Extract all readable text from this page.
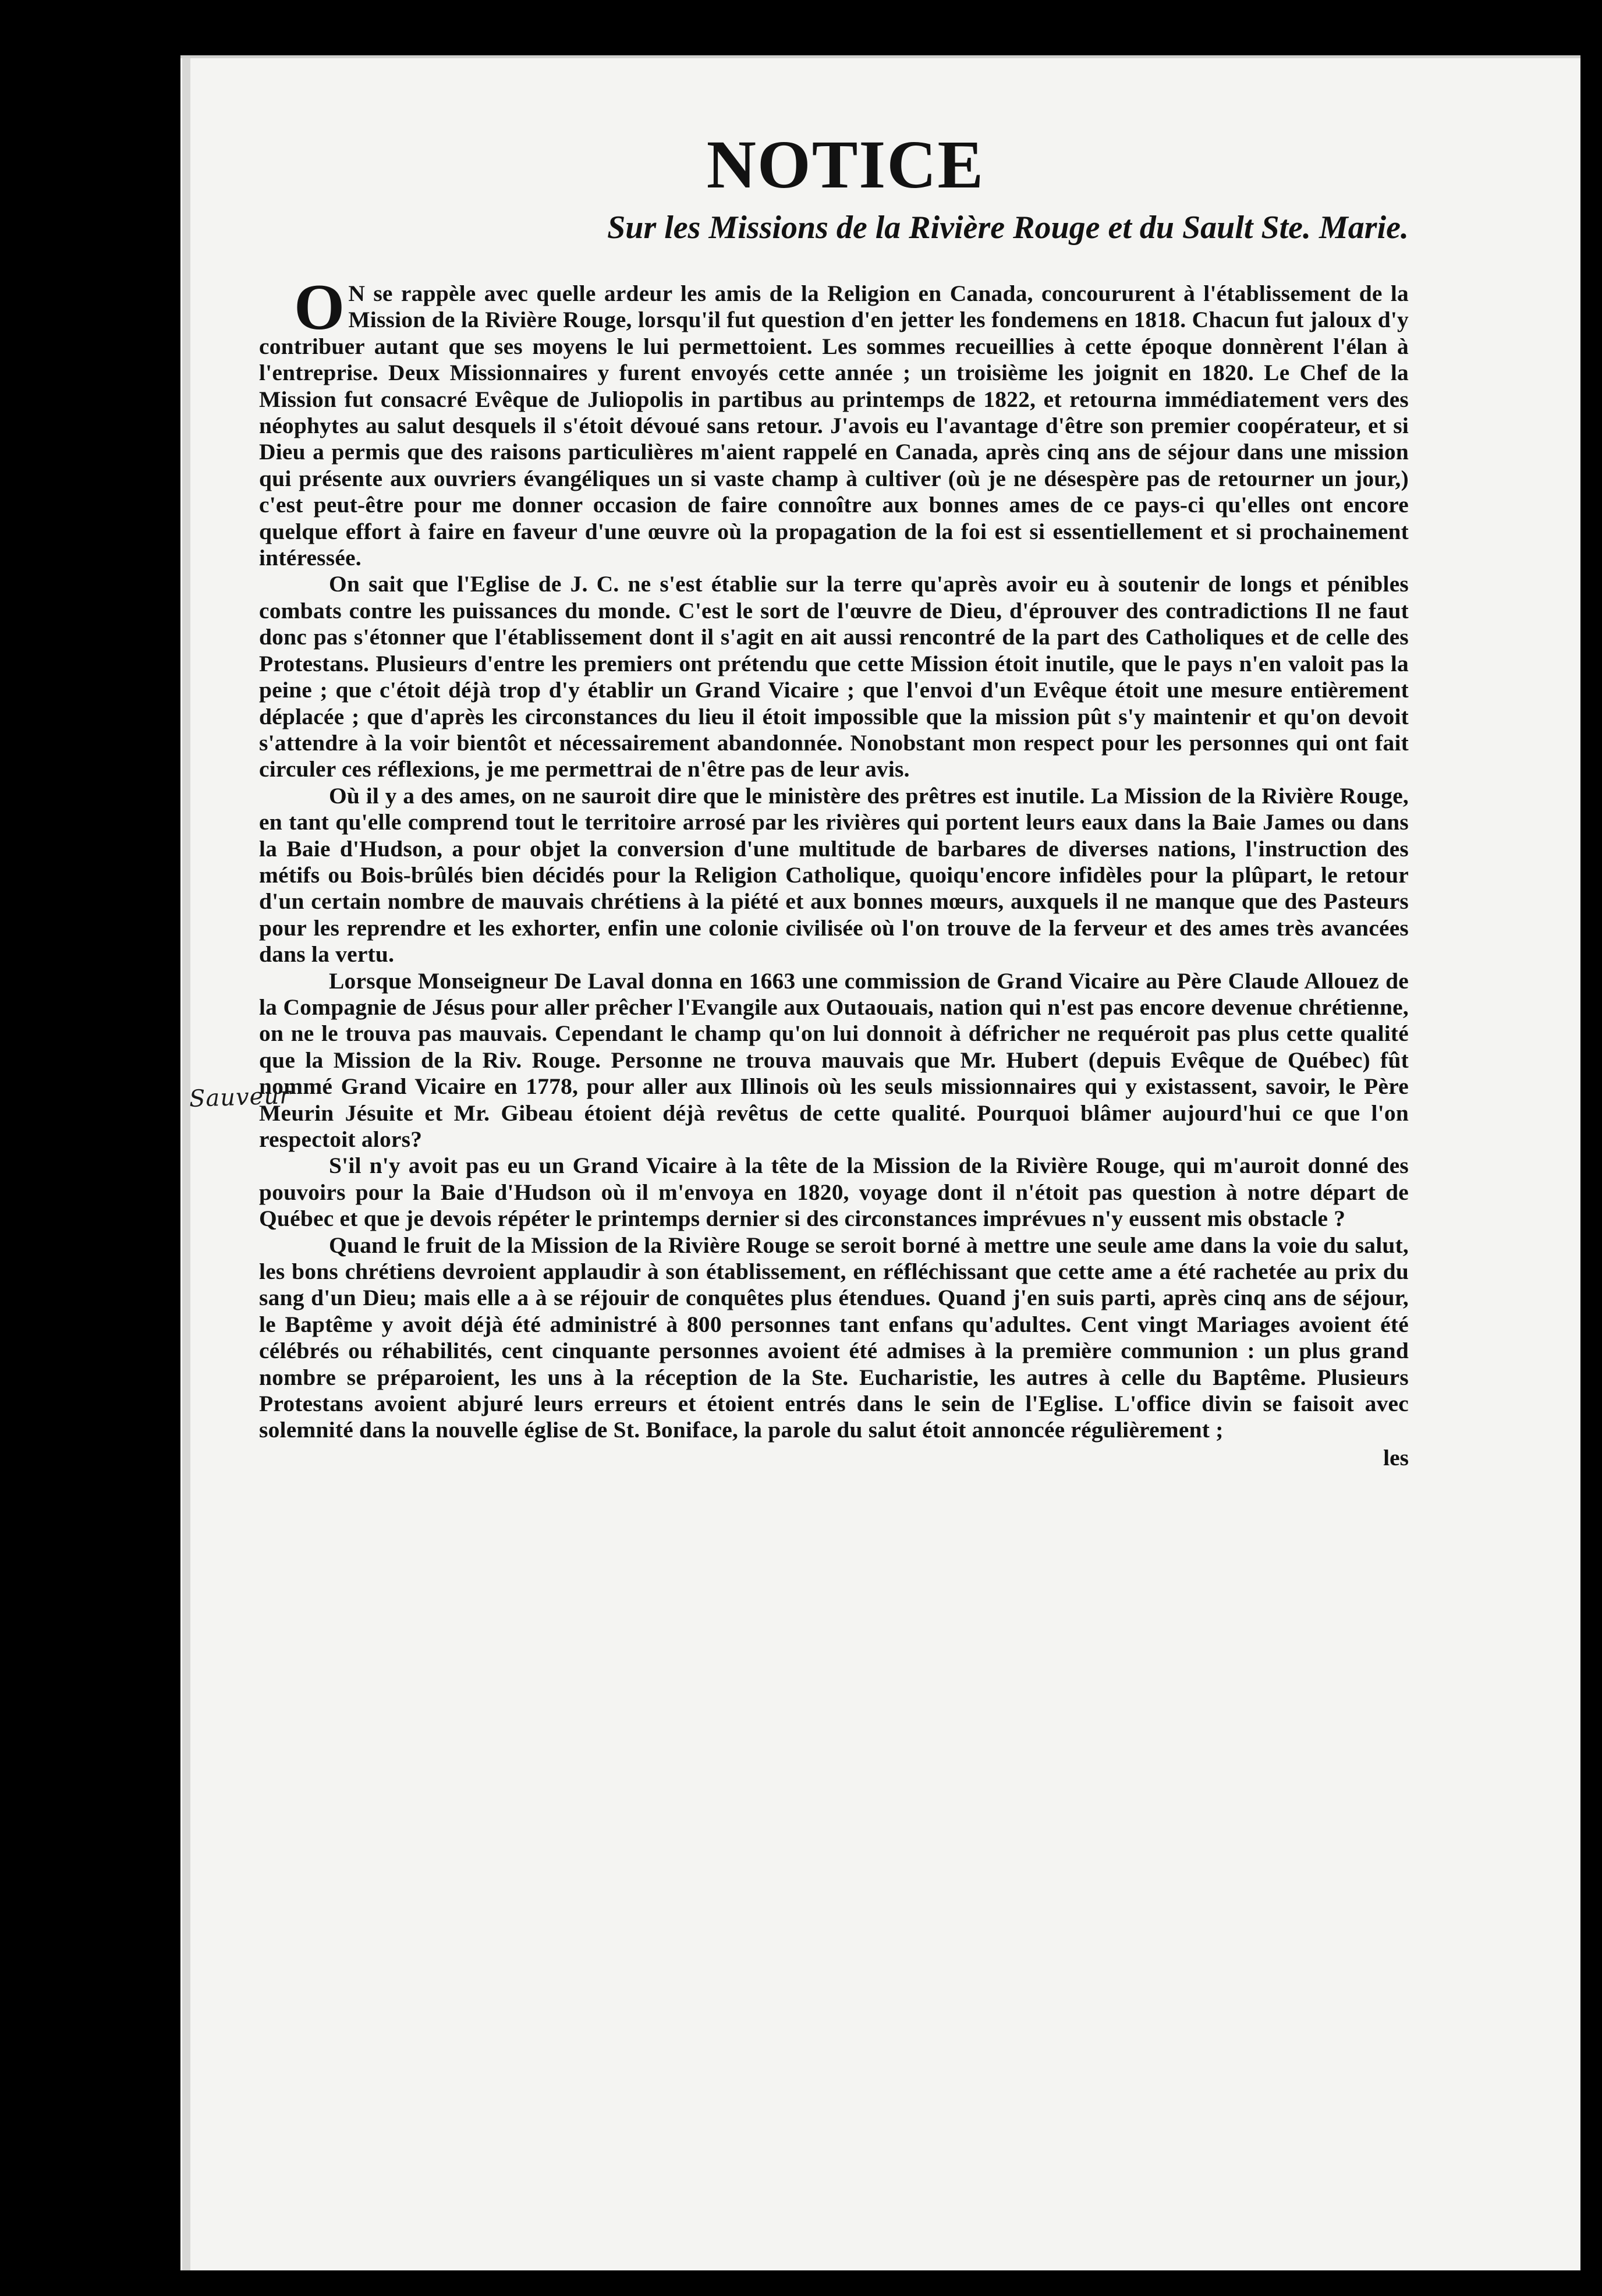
Sauveur
NOTICE
Sur les Missions de la Rivière Rouge et du Sault Ste. Marie.

O N se rappèle avec quelle ardeur les amis de la Religion en Canada, concoururent à l'établissement de la Mission de la Rivière Rouge, lorsqu'il fut question d'en jetter les fondemens en 1818. Chacun fut jaloux d'y contribuer autant que ses moyens le lui permettoient. Les sommes recueillies à cette époque donnèrent l'élan à l'entreprise. Deux Missionnaires y furent envoyés cette année ; un troisième les joignit en 1820. Le Chef de la Mission fut consacré Evêque de Juliopolis in partibus au printemps de 1822, et retourna immédiatement vers des néophytes au salut desquels il s'étoit dévoué sans retour. J'avois eu l'avantage d'être son premier coopérateur, et si Dieu a permis que des raisons particulières m'aient rappelé en Canada, après cinq ans de séjour dans une mission qui présente aux ouvriers évangéliques un si vaste champ à cultiver (où je ne désespère pas de retourner un jour,) c'est peut-être pour me donner occasion de faire connoître aux bonnes ames de ce pays-ci qu'elles ont encore quelque effort à faire en faveur d'une œuvre où la propagation de la foi est si essentiellement et si prochainement intéressée.

On sait que l'Eglise de J. C. ne s'est établie sur la terre qu'après avoir eu à soutenir de longs et pénibles combats contre les puissances du monde. C'est le sort de l'œuvre de Dieu, d'éprouver des contradictions Il ne faut donc pas s'étonner que l'établissement dont il s'agit en ait aussi rencontré de la part des Catholiques et de celle des Protestans. Plusieurs d'entre les premiers ont prétendu que cette Mission étoit inutile, que le pays n'en valoit pas la peine ; que c'étoit déjà trop d'y établir un Grand Vicaire ; que l'envoi d'un Evêque étoit une mesure entièrement déplacée ; que d'après les circonstances du lieu il étoit impossible que la mission pût s'y maintenir et qu'on devoit s'attendre à la voir bientôt et nécessairement abandonnée. Nonobstant mon respect pour les personnes qui ont fait circuler ces réflexions, je me permettrai de n'être pas de leur avis.

Où il y a des ames, on ne sauroit dire que le ministère des prêtres est inutile. La Mission de la Rivière Rouge, en tant qu'elle comprend tout le territoire arrosé par les rivières qui portent leurs eaux dans la Baie James ou dans la Baie d'Hudson, a pour objet la conversion d'une multitude de barbares de diverses nations, l'instruction des métifs ou Bois-brûlés bien décidés pour la Religion Catholique, quoiqu'encore infidèles pour la plûpart, le retour d'un certain nombre de mauvais chrétiens à la piété et aux bonnes mœurs, auxquels il ne manque que des Pasteurs pour les reprendre et les exhorter, enfin une colonie civilisée où l'on trouve de la ferveur et des ames très avancées dans la vertu.

Lorsque Monseigneur De Laval donna en 1663 une commission de Grand Vicaire au Père Claude Allouez de la Compagnie de Jésus pour aller prêcher l'Evangile aux Outaouais, nation qui n'est pas encore devenue chrétienne, on ne le trouva pas mauvais. Cependant le champ qu'on lui donnoit à défricher ne requéroit pas plus cette qualité que la Mission de la Riv. Rouge. Personne ne trouva mauvais que Mr. Hubert (depuis Evêque de Québec) fût nommé Grand Vicaire en 1778, pour aller aux Illinois où les seuls missionnaires qui y existassent, savoir, le Père Meurin Jésuite et Mr. Gibeau étoient déjà revêtus de cette qualité. Pourquoi blâmer aujourd'hui ce que l'on respectoit alors?

S'il n'y avoit pas eu un Grand Vicaire à la tête de la Mission de la Rivière Rouge, qui m'auroit donné des pouvoirs pour la Baie d'Hudson où il m'envoya en 1820, voyage dont il n'étoit pas question à notre départ de Québec et que je devois répéter le printemps dernier si des circonstances imprévues n'y eussent mis obstacle ?

Quand le fruit de la Mission de la Rivière Rouge se seroit borné à mettre une seule ame dans la voie du salut, les bons chrétiens devroient applaudir à son établissement, en réfléchissant que cette ame a été rachetée au prix du sang d'un Dieu; mais elle a à se réjouir de conquêtes plus étendues. Quand j'en suis parti, après cinq ans de séjour, le Baptême y avoit déjà été administré à 800 personnes tant enfans qu'adultes. Cent vingt Mariages avoient été célébrés ou réhabilités, cent cinquante personnes avoient été admises à la première communion : un plus grand nombre se préparoient, les uns à la réception de la Ste. Eucharistie, les autres à celle du Baptême. Plusieurs Protestans avoient abjuré leurs erreurs et étoient entrés dans le sein de l'Eglise. L'office divin se faisoit avec solemnité dans la nouvelle église de St. Boniface, la parole du salut étoit annoncée régulièrement ;

les
